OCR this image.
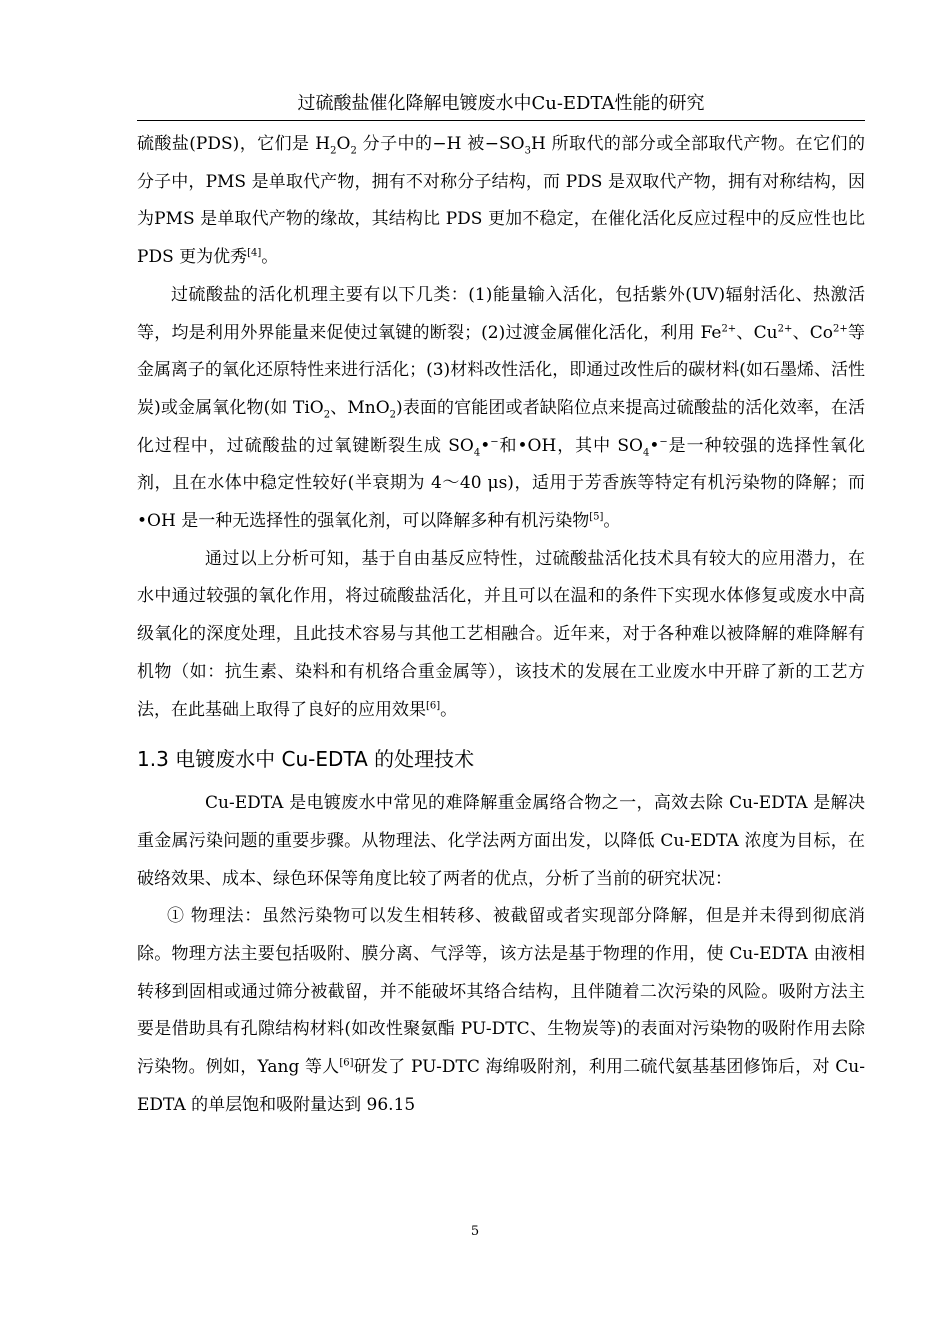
过硫酸盐催化降解电镀废水中Cu-EDTA性能的研究

硫酸盐(PDS)，它们是 $H_2O_2$ 分子中的−H 被$-SO_3H$ 所取代的部分或全部取代产物。在它们的分子中，PMS 是单取代产物，拥有不对称分子结构，而 PDS 是双取代产物，拥有对称结构，因为PMS 是单取代产物的缘故，其结构比 PDS 更加不稳定，在催化活化反应过程中的反应性也比 PDS 更为优秀[4]。

过硫酸盐的活化机理主要有以下几类：(1)能量输入活化，包括紫外(UV)辐射活化、热激活等，均是利用外界能量来促使过氧键的断裂；(2)过渡金属催化活化，利用 $Fe^{2+}$、$Cu^{2+}$、$Co^{2+}$等金属离子的氧化还原特性来进行活化；(3)材料改性活化，即通过改性后的碳材料(如石墨烯、活性炭)或金属氧化物(如 TiO$_2$、MnO$_2$)表面的官能团或者缺陷位点来提高过硫酸盐的活化效率，在活化过程中，过硫酸盐的过氧键断裂生成 $SO_4•^-$和•OH，其中 $SO_4•^-$是一种较强的选择性氧化剂，且在水体中稳定性较好(半衰期为 4～40 μs)，适用于芳香族等特定有机污染物的降解；而•OH 是一种无选择性的强氧化剂，可以降解多种有机污染物[5]。

通过以上分析可知，基于自由基反应特性，过硫酸盐活化技术具有较大的应用潜力，在水中通过较强的氧化作用，将过硫酸盐活化，并且可以在温和的条件下实现水体修复或废水中高级氧化的深度处理，且此技术容易与其他工艺相融合。近年来，对于各种难以被降解的难降解有机物（如：抗生素、染料和有机络合重金属等），该技术的发展在工业废水中开辟了新的工艺方法，在此基础上取得了良好的应用效果[6]。

1.3 电镀废水中 Cu-EDTA 的处理技术

Cu-EDTA 是电镀废水中常见的难降解重金属络合物之一，高效去除 Cu-EDTA 是解决重金属污染问题的重要步骤。从物理法、化学法两方面出发，以降低 Cu-EDTA 浓度为目标，在破络效果、成本、绿色环保等角度比较了两者的优点，分析了当前的研究状况：

① 物理法：虽然污染物可以发生相转移、被截留或者实现部分降解，但是并未得到彻底消除。物理方法主要包括吸附、膜分离、气浮等，该方法是基于物理的作用，使 Cu-EDTA 由液相转移到固相或通过筛分被截留，并不能破坏其络合结构，且伴随着二次污染的风险。吸附方法主要是借助具有孔隙结构材料(如改性聚氨酯 PU-DTC、生物炭等)的表面对污染物的吸附作用去除污染物。例如，Yang 等人[6]研发了 PU-DTC 海绵吸附剂，利用二硫代氨基基团修饰后，对 Cu-EDTA 的单层饱和吸附量达到 96.15

5
